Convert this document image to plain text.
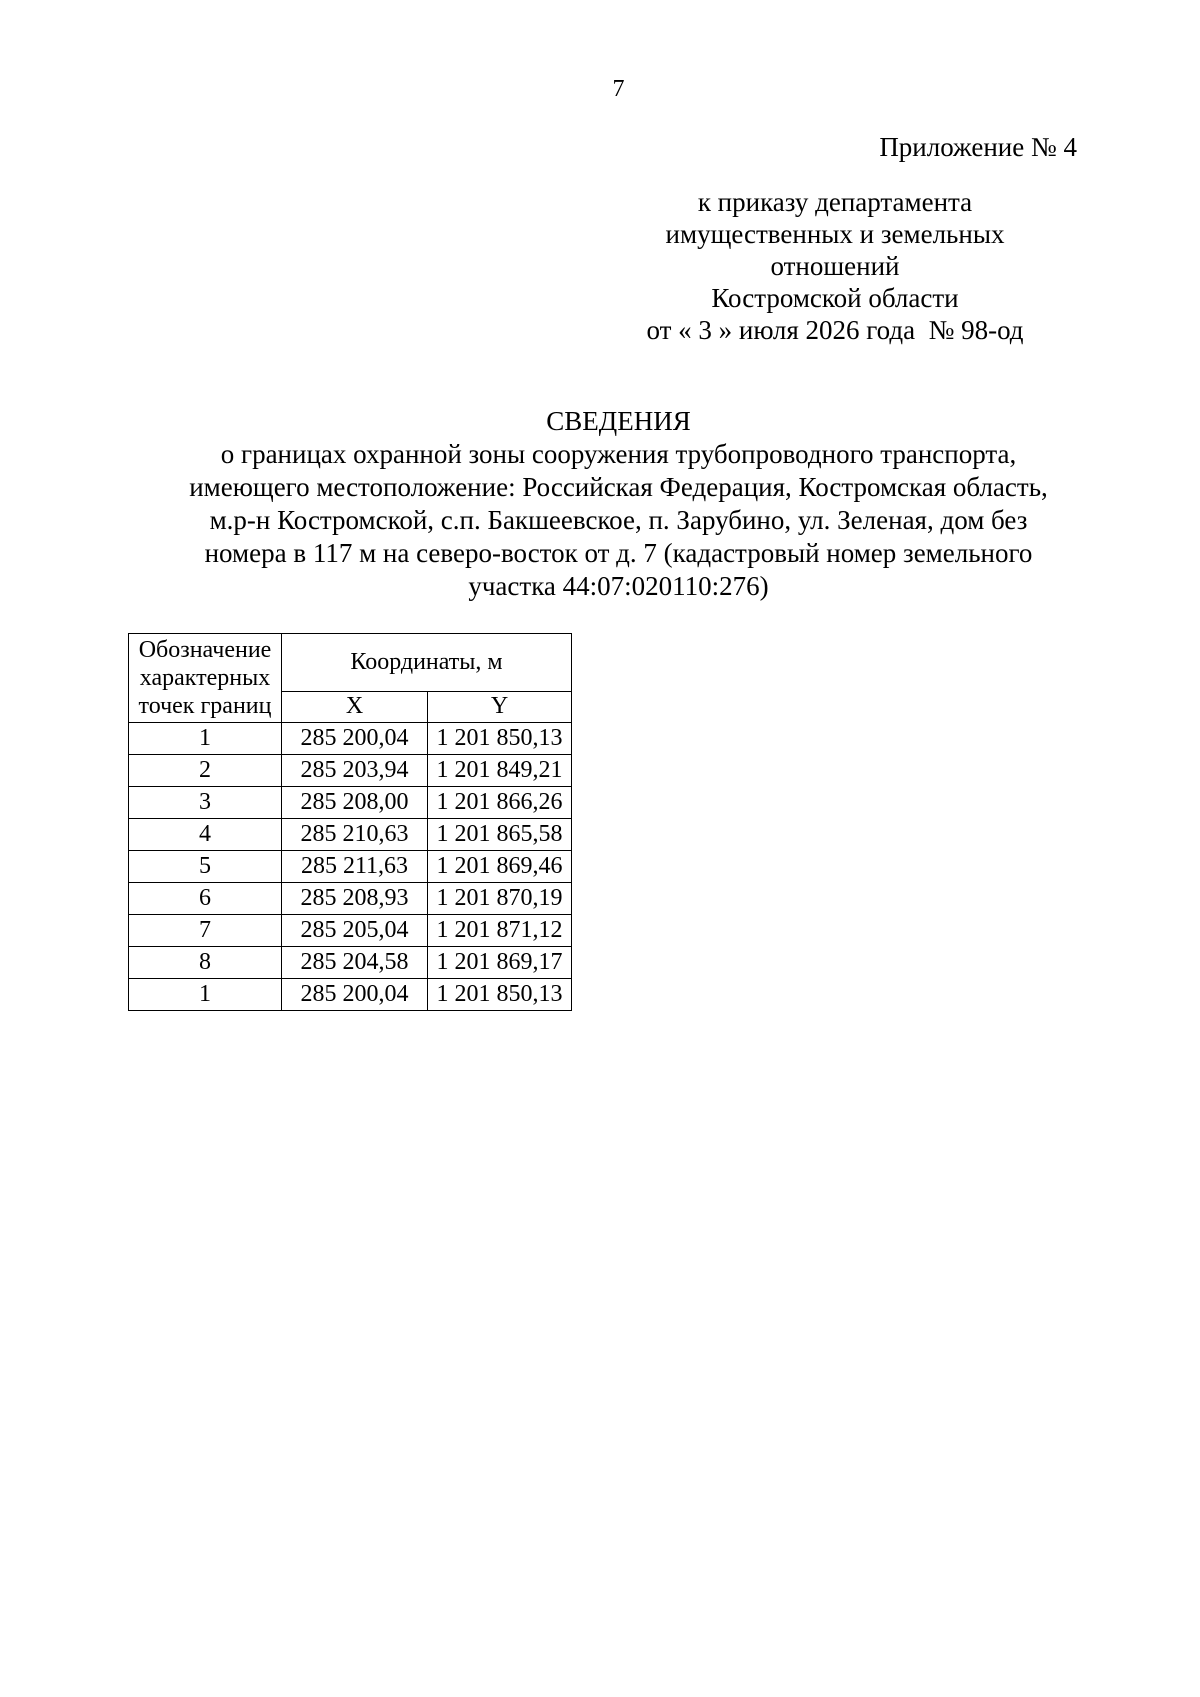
7
Приложение № 4
к приказу департамента
имущественных и земельных
отношений
Костромской области
от « 3 » июля 2026 года  № 98-од
СВЕДЕНИЯ
о границах охранной зоны сооружения трубопроводного транспорта,
имеющего местоположение: Российская Федерация, Костромская область,
м.р-н Костромской, с.п. Бакшеевское, п. Зарубино, ул. Зеленая, дом без
номера в 117 м на северо-восток от д. 7 (кадастровый номер земельного
участка 44:07:020110:276)
Обозначение
характерных
точек границ	Координаты, м	
	X	Y
1	285 200,04	1 201 850,13
2	285 203,94	1 201 849,21
3	285 208,00	1 201 866,26
4	285 210,63	1 201 865,58
5	285 211,63	1 201 869,46
6	285 208,93	1 201 870,19
7	285 205,04	1 201 871,12
8	285 204,58	1 201 869,17
1	285 200,04	1 201 850,13
